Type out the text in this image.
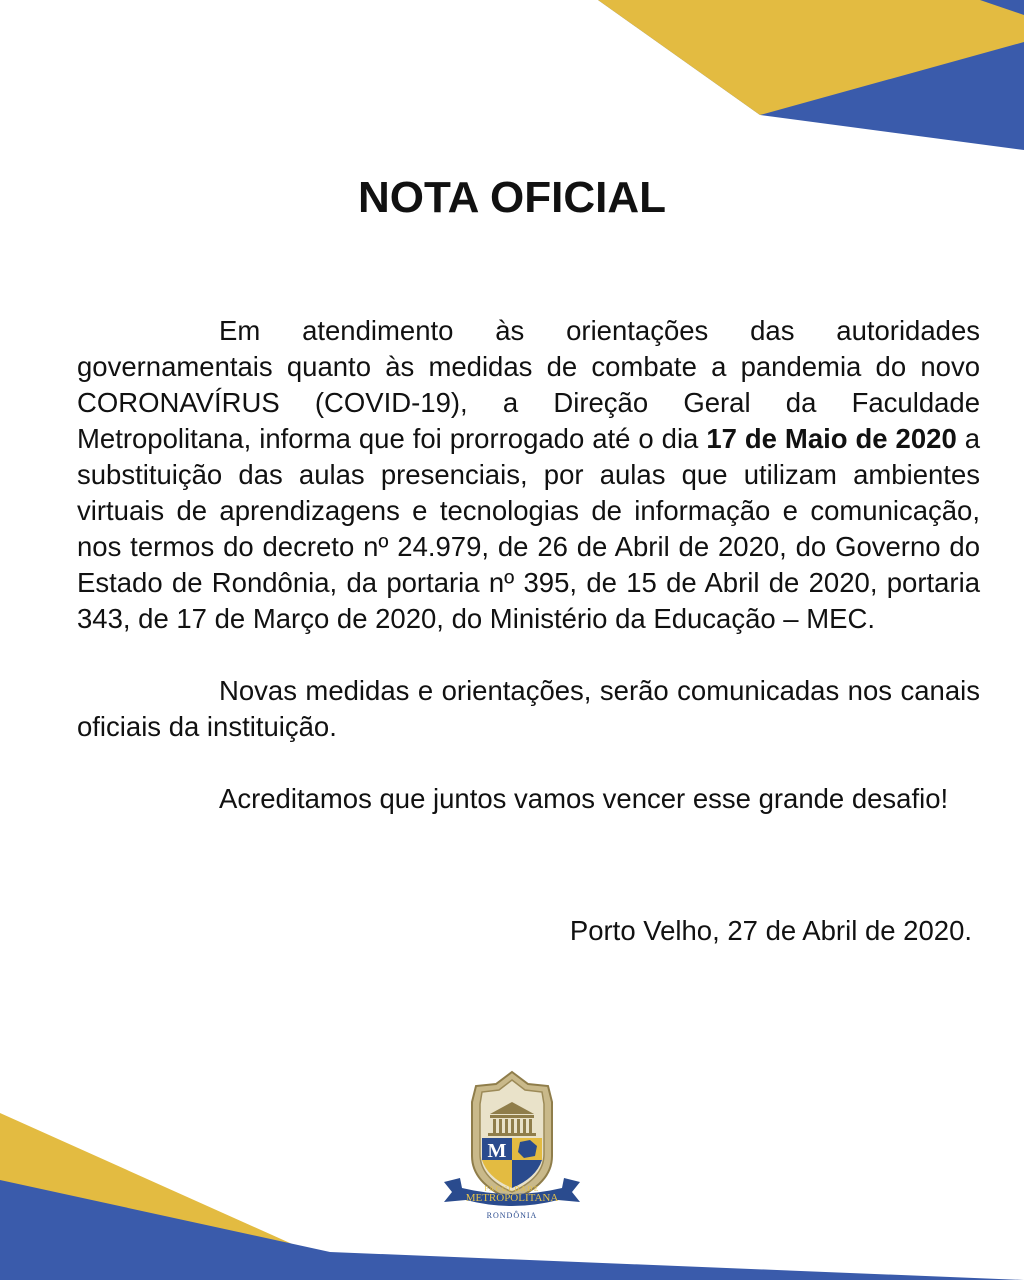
NOTA OFICIAL

Em atendimento às orientações das autoridades governamentais quanto às medidas de combate a pandemia do novo CORONAVÍRUS (COVID-19), a Direção Geral da Faculdade Metropolitana, informa que foi prorrogado até o dia 17 de Maio de 2020 a substituição das aulas presenciais, por aulas que utilizam ambientes virtuais de aprendizagens e tecnologias de informação e comunicação, nos termos do decreto nº 24.979, de 26 de Abril de 2020, do Governo do Estado de Rondônia, da portaria nº 395, de 15 de Abril de 2020, portaria 343, de 17 de Março de 2020, do Ministério da Educação – MEC.

Novas medidas e orientações, serão comunicadas nos canais oficiais da instituição.

Acreditamos que juntos vamos vencer esse grande desafio!

Porto Velho, 27 de Abril de 2020.

M
FACULDADE
METROPOLITANA
RONDÔNIA
